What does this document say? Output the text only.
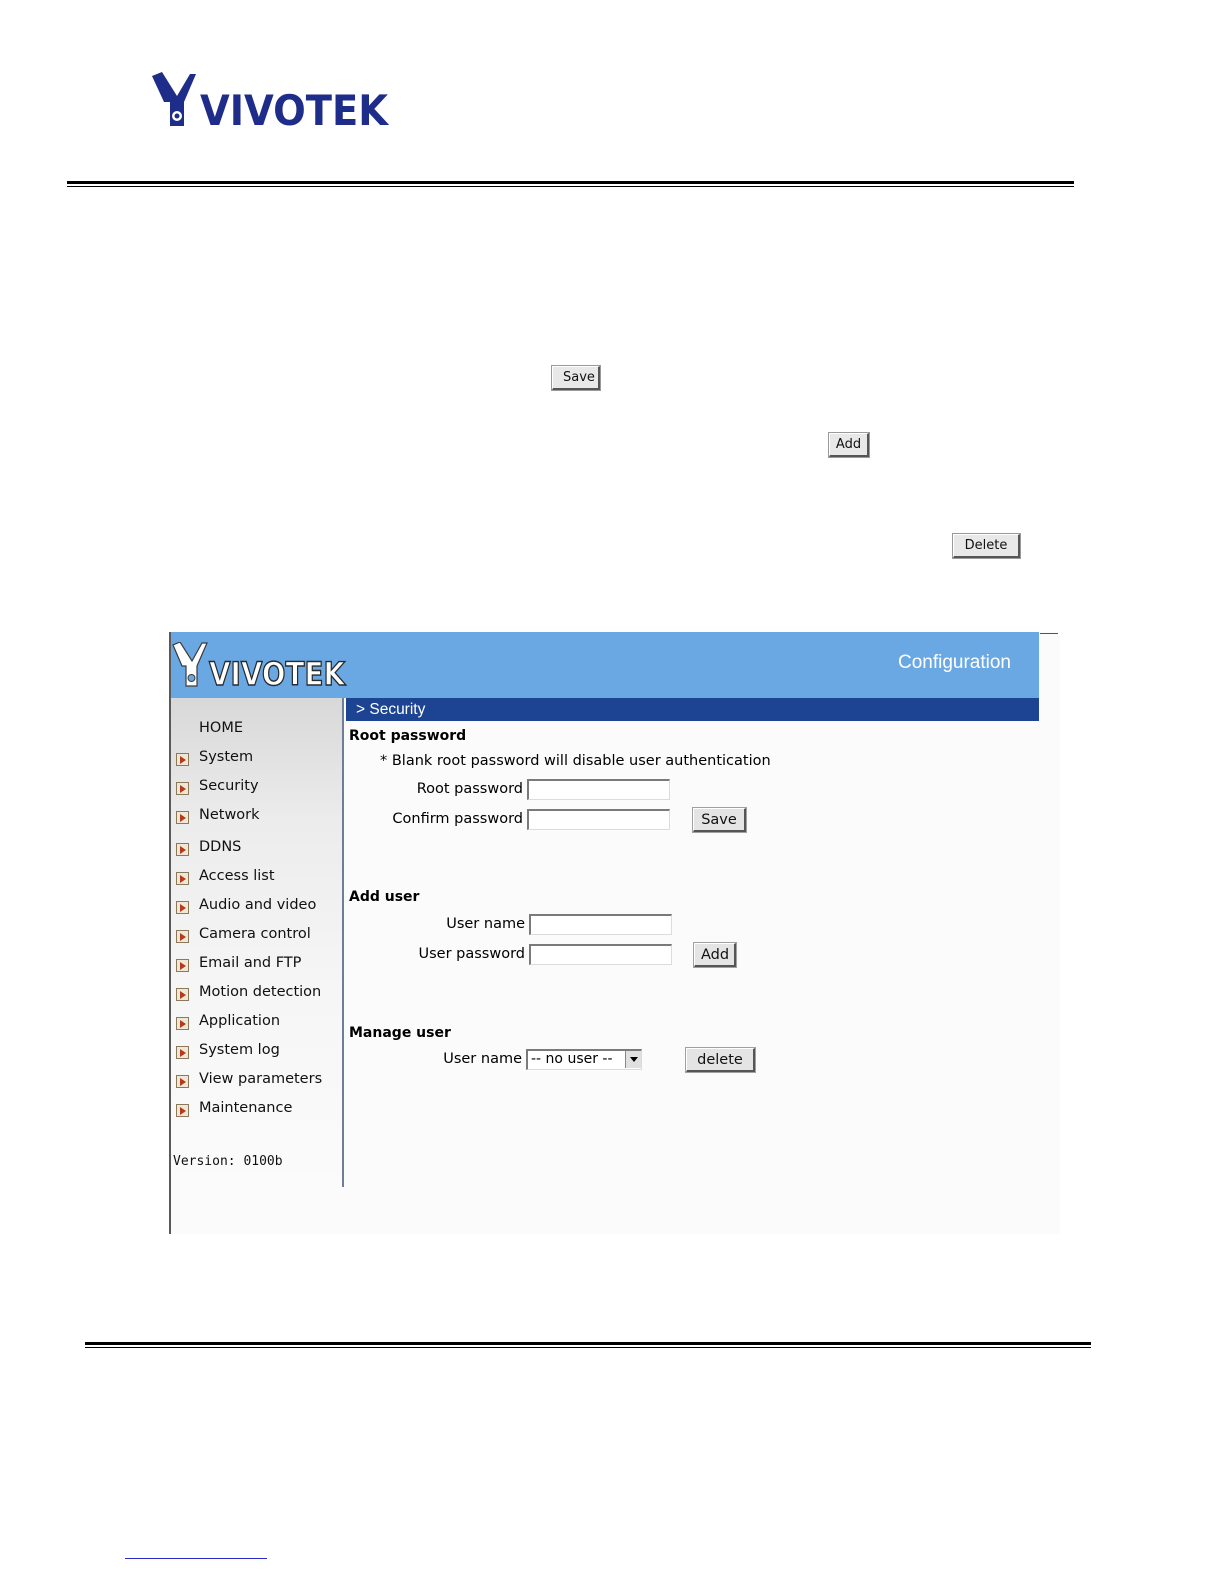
VIVOTEK
Save
Add
Delete
VIVOTEK	Configuration
HOME
System
Security
Network
DDNS
Access list
Audio and video
Camera control
Email and FTP
Motion detection
Application
System log
View parameters
Maintenance
Version: 0100b
> Security
Root password
* Blank root password will disable user authentication
Root password
Confirm password	Save
Add user
User name
User password	Add
Manage user
User name -- no user --	delete
